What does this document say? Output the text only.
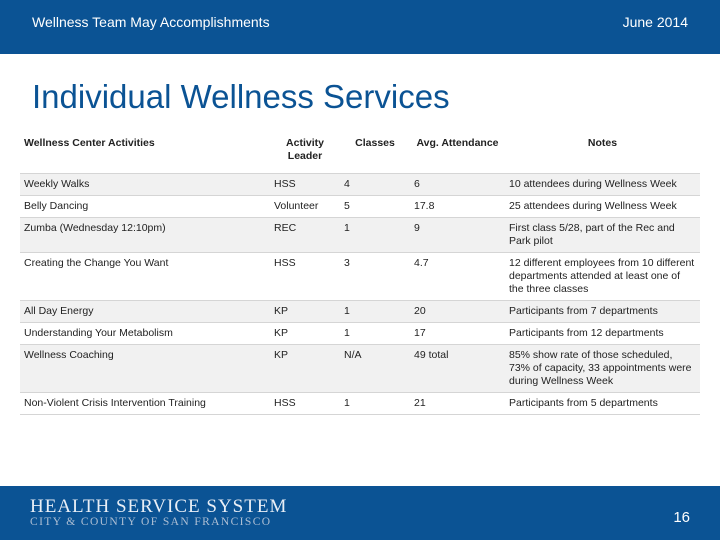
Wellness Team May Accomplishments	June 2014
Individual Wellness Services
Wellness Center Activities	Activity Leader	Classes	Avg. Attendance	Notes
Weekly Walks	HSS	4	6	10 attendees during Wellness Week
Belly Dancing	Volunteer	5	17.8	25 attendees during Wellness Week
Zumba (Wednesday 12:10pm)	REC	1	9	First class 5/28, part of the Rec and Park pilot
Creating the Change You Want	HSS	3	4.7	12 different employees from 10 different departments attended at least one of the three classes
All Day Energy	KP	1	20	Participants from 7 departments
Understanding Your Metabolism	KP	1	17	Participants from 12 departments
Wellness Coaching	KP	N/A	49 total	85% show rate of those scheduled, 73% of capacity, 33 appointments were during Wellness Week
Non-Violent Crisis Intervention Training	HSS	1	21	Participants from 5 departments
HEALTH SERVICE SYSTEM
CITY & COUNTY OF SAN FRANCISCO	16
